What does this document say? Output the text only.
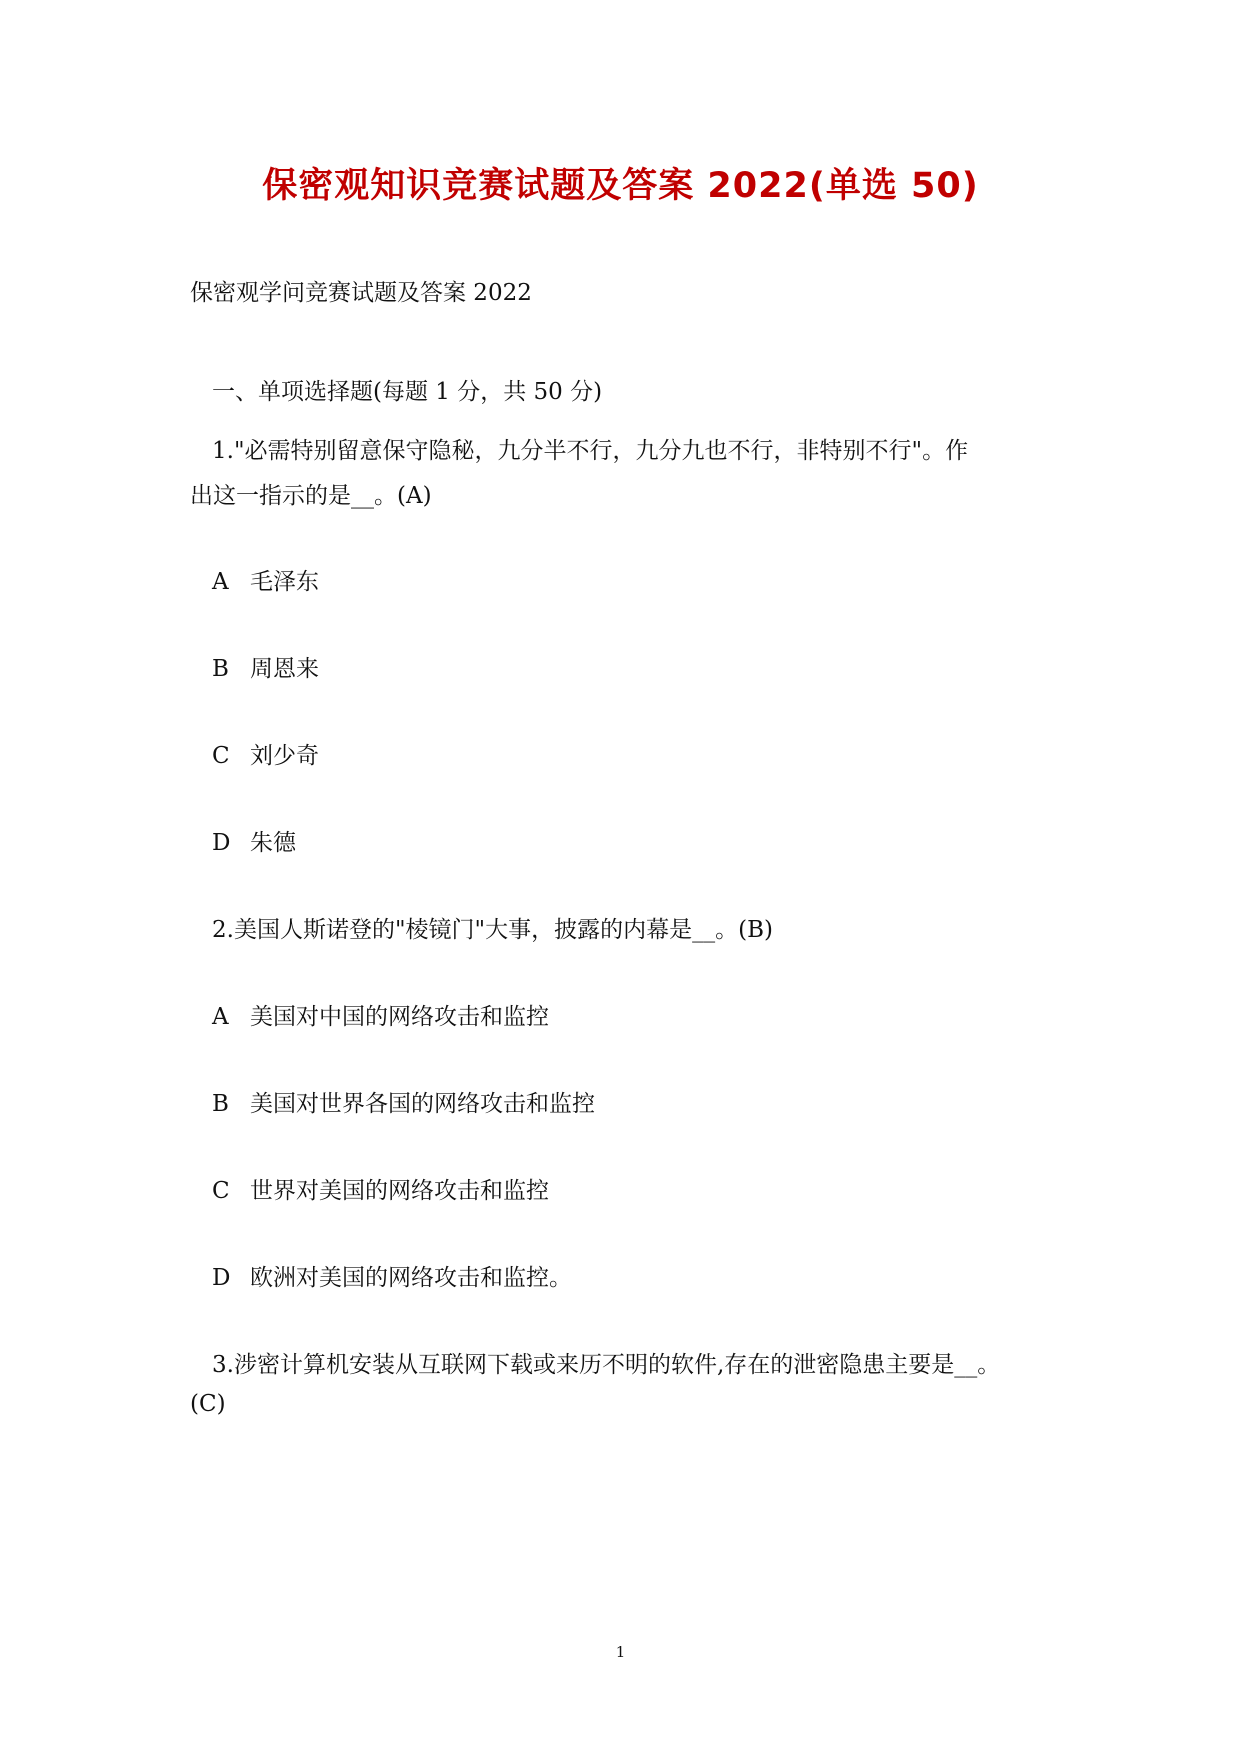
保密观知识竞赛试题及答案 2022(单选 50)
保密观学问竞赛试题及答案 2022
一、单项选择题(每题 1 分，共 50 分)
1."必需特别留意保守隐秘，九分半不行，九分九也不行，非特别不行"。作
出这一指示的是__。(A)
A 毛泽东
B 周恩来
C 刘少奇
D 朱德
2.美国人斯诺登的"棱镜门"大事，披露的内幕是__。(B)
A 美国对中国的网络攻击和监控
B 美国对世界各国的网络攻击和监控
C 世界对美国的网络攻击和监控
D 欧洲对美国的网络攻击和监控。
3.涉密计算机安装从互联网下载或来历不明的软件,存在的泄密隐患主要是__。
(C)
1
